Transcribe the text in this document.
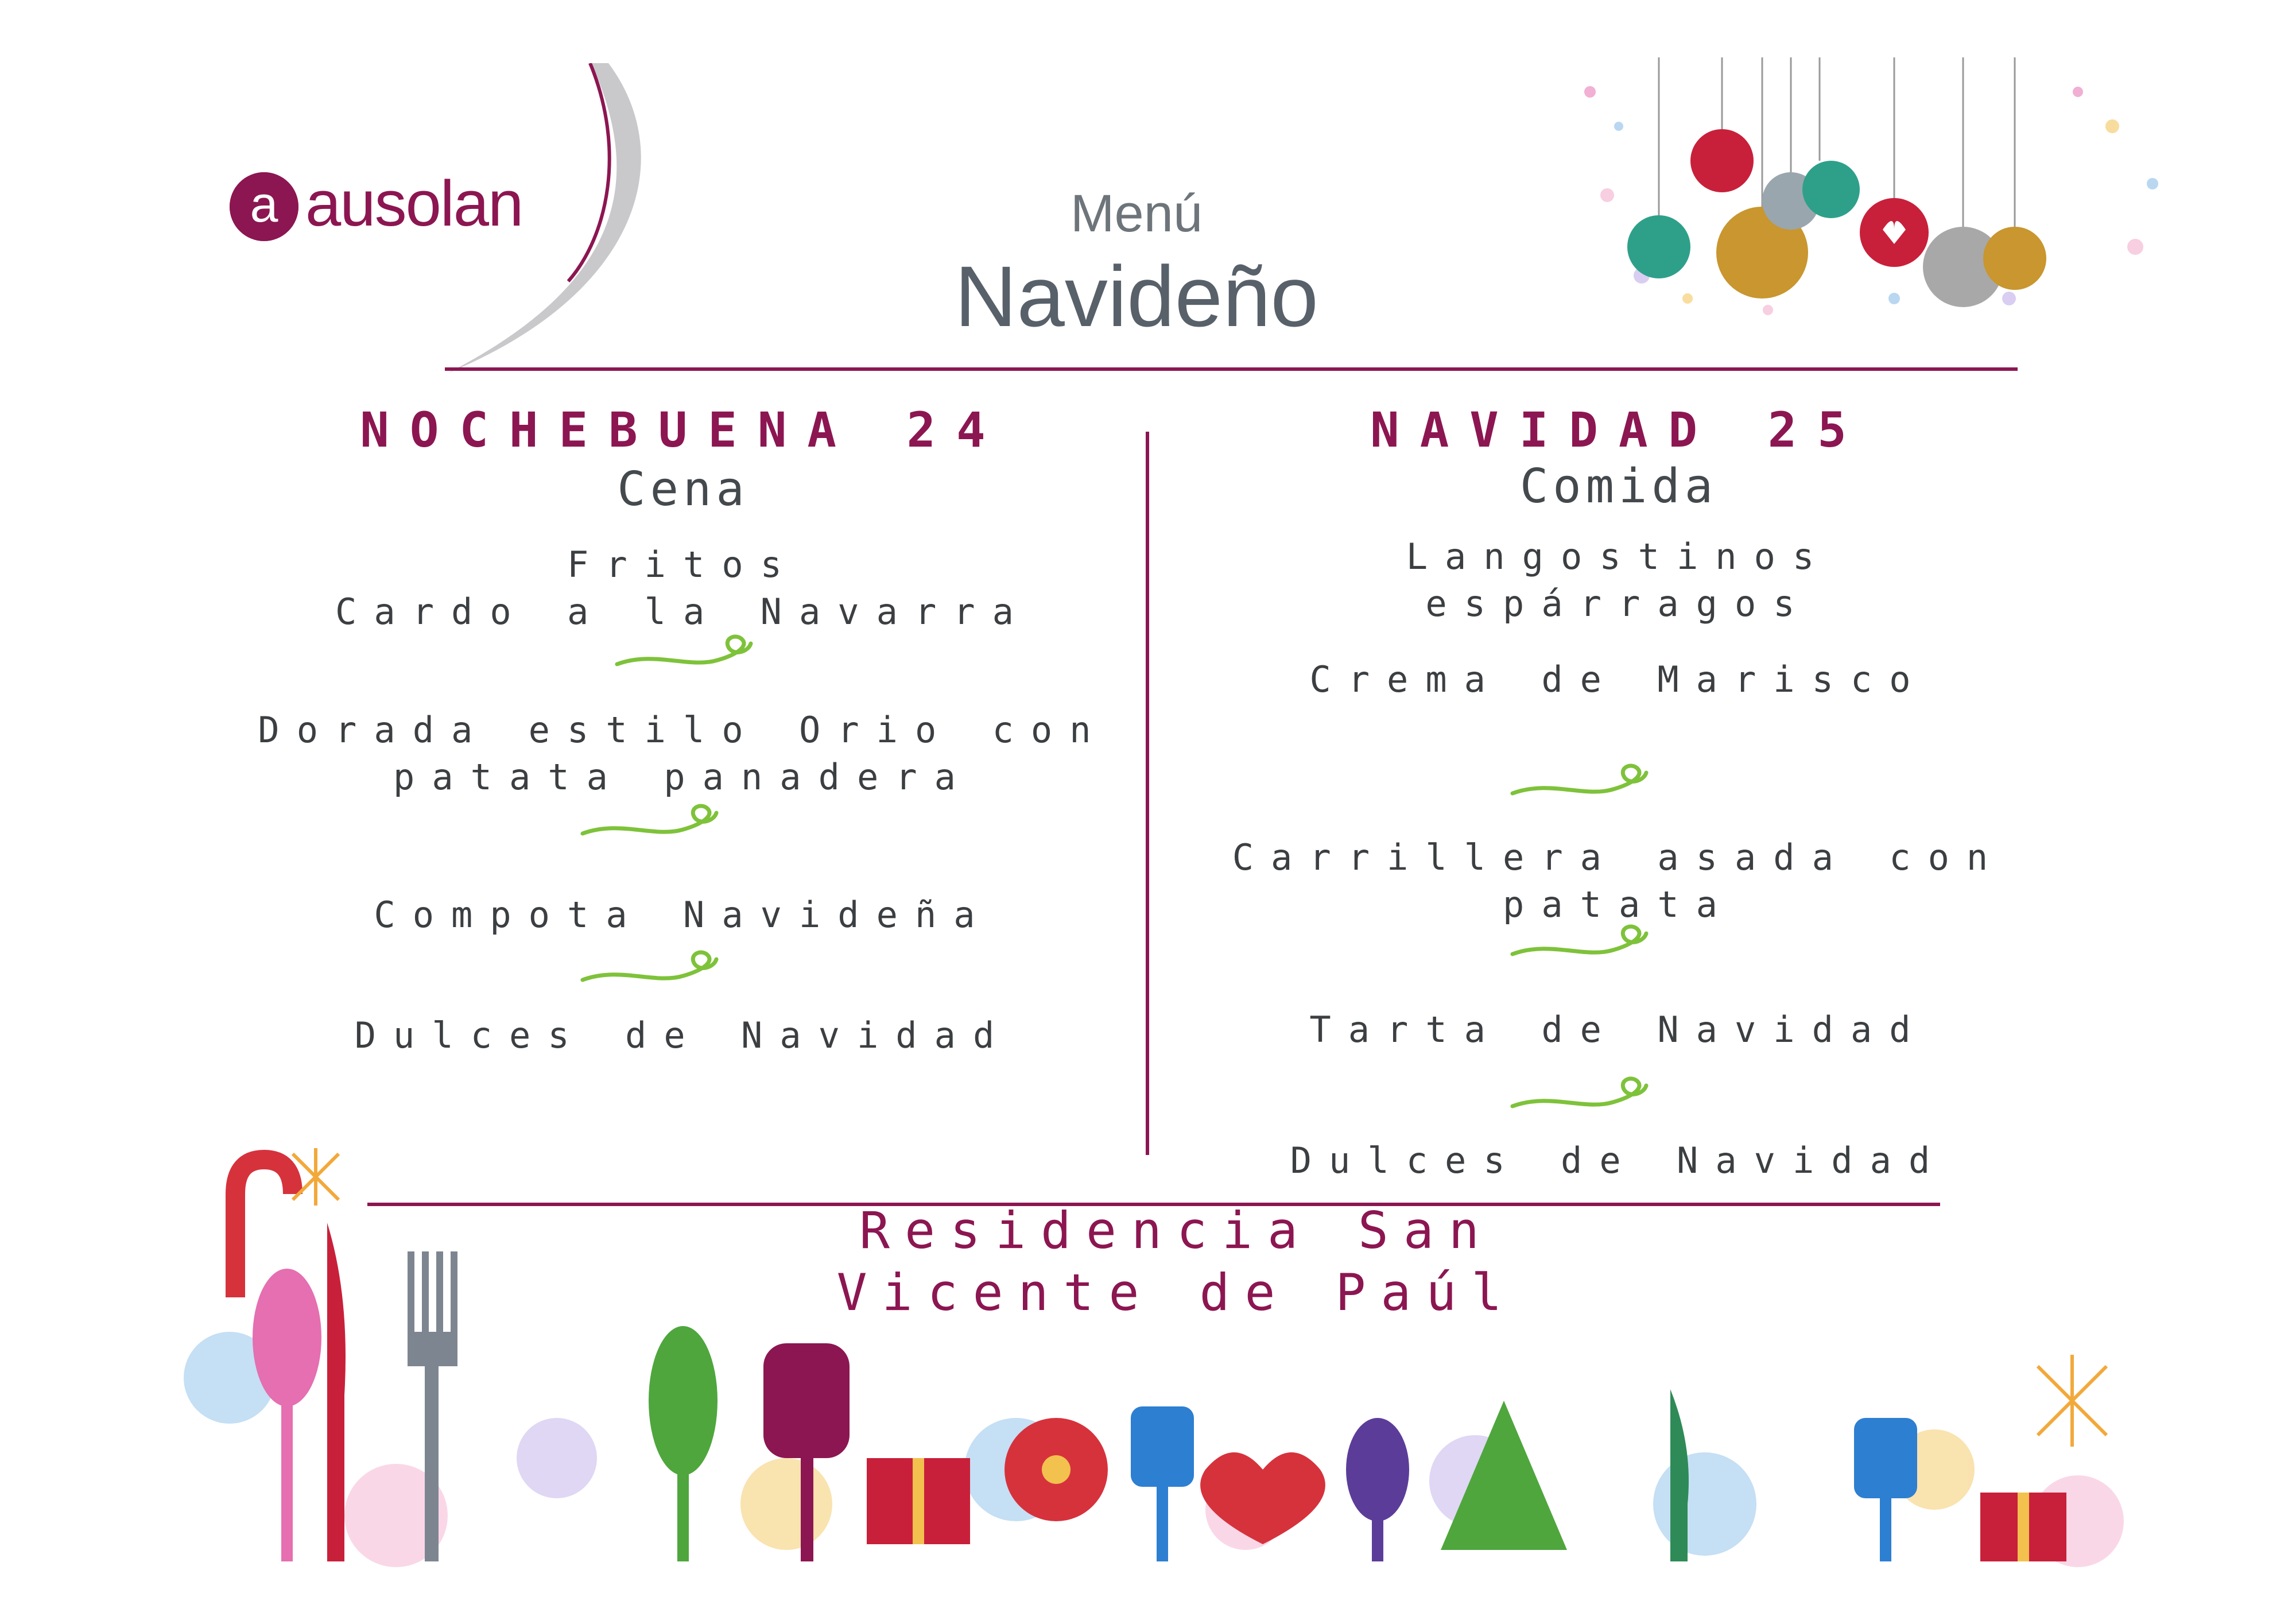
a ausolan	Menú
Navideño
NOCHEBUENA 24
Cena
Fritos
Cardo a la Navarra
Dorada estilo Orio con
patata panadera
Compota Navideña
Dulces de Navidad
NAVIDAD 25
Comida
Langostinos
espárragos
Crema de Marisco
Carrillera asada con
patata
Tarta de Navidad
Dulces de Navidad
Residencia San
Vicente de Paúl
